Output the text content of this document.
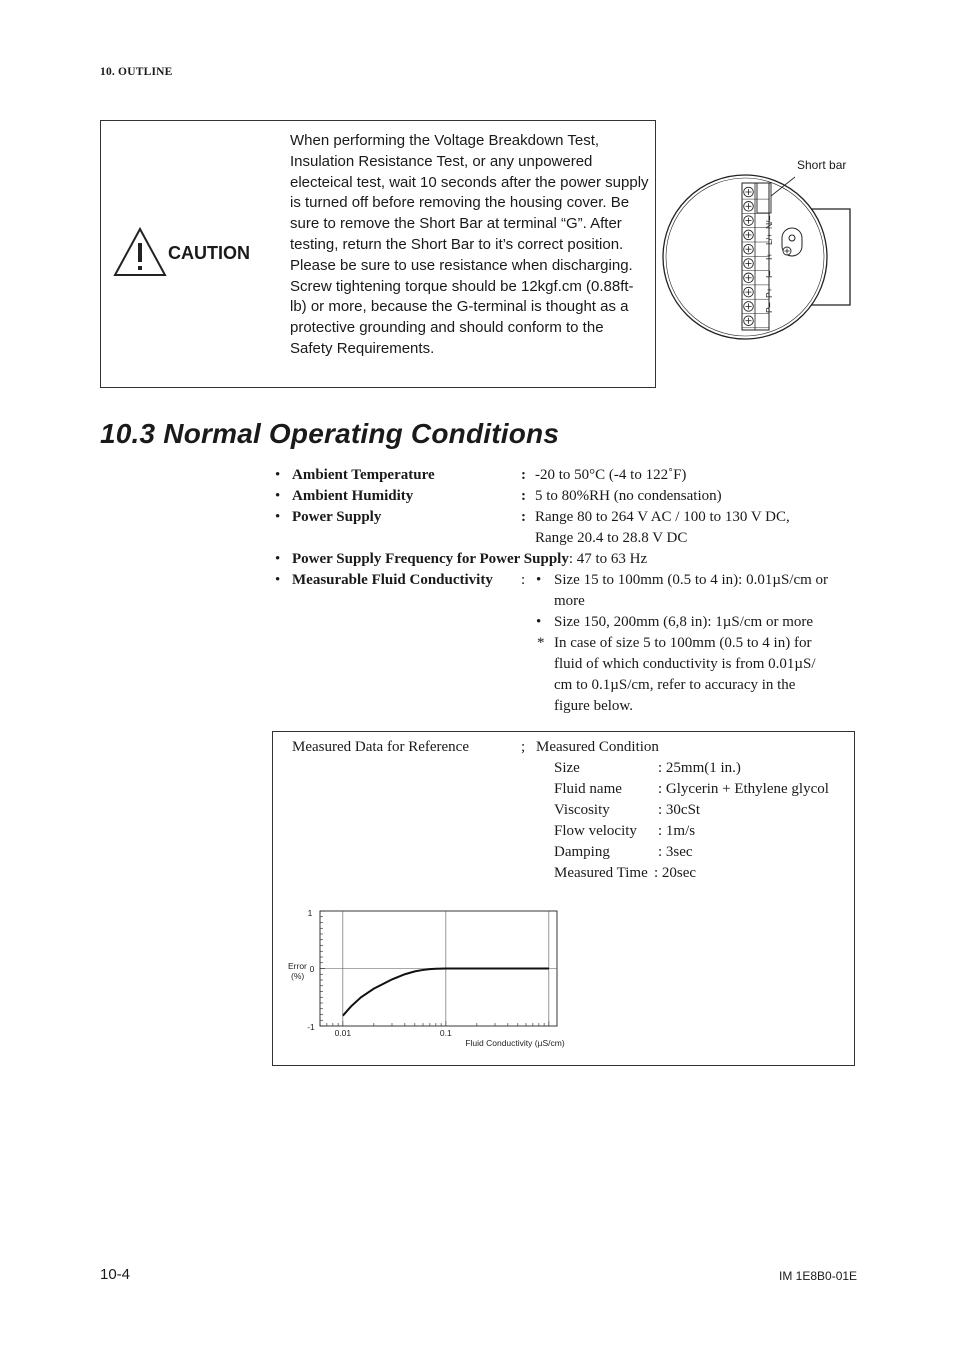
10. OUTLINE
CAUTION

When performing the Voltage Breakdown Test, Insulation Resistance Test, or any unpowered electeical test, wait 10 seconds after the power supply is turned off before removing the housing cover. Be sure to remove the Short Bar at terminal “G”. After testing, return the Short Bar to it’s correct position. Please be sure to use resistance when discharging.

Screw tightening torque should be 12kgf.cm (0.88ft-lb) or more, because the G-terminal is thought as a protective grounding and should conform to the Safety Requirements.

Short bar
P–
P+
I–
I+
L/+
N/–
10.3 Normal Operating Conditions
• Ambient Temperature	: -20 to 50°C (-4 to 122˚F)
• Ambient Humidity	: 5 to 80%RH (no condensation)
• Power Supply	: Range 80 to 264 V AC / 100 to 130 V DC,
Range 20.4 to 28.8 V DC
• Power Supply Frequency for Power Supply: 47 to 63 Hz
• Measurable Fluid Conductivity : • Size 15 to 100mm (0.5 to 4 in): 0.01µS/cm or
more
• Size 150, 200mm (6,8 in): 1µS/cm or more
* In case of size 5 to 100mm (0.5 to 4 in) for
fluid of which conductivity is from 0.01µS/
cm to 0.1µS/cm, refer to accuracy in the
figure below.
Measured Data for Reference	; Measured Condition
Size	: 25mm(1 in.)
Fluid name : Glycerin + Ethylene glycol
Viscosity	: 30cSt
Flow velocity : 1m/s
Damping	: 3sec
Measured Time : 20sec
Error
(%)
1
0
-1
0.01	0.1
Fluid Conductivity (µS/cm)
10-4	IM 1E8B0-01E
